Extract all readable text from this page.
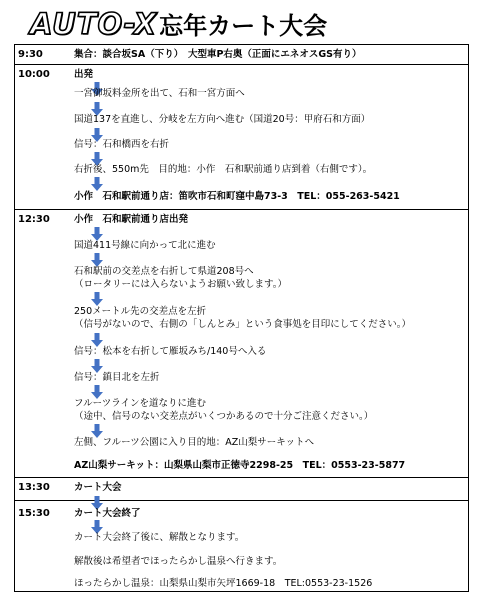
AUTO-X忘年カート大会
9:30	集合：談合坂SA（下り）　大型車P右奥（正面にエネオスGS有り）
10:00	出発
一宮御坂料金所を出て、石和一宮方面へ
国道137を直進し、分岐を左方向へ進む（国道20号：甲府石和方面）
信号：石和橋西を右折
右折後、550m先　目的地：小作　石和駅前通り店到着（右側です）。
小作　石和駅前通り店：笛吹市石和町窪中島73-3　TEL：055-263-5421
12:30	小作　石和駅前通り店出発
国道411号線に向かって北に進む
石和駅前の交差点を右折して県道208号へ
（ロータリーには入らないようお願い致します。）
250メートル先の交差点を左折
（信号がないので、右側の「しんとみ」という食事処を目印にしてください。）
信号：松本を右折して雁坂みち/140号へ入る
信号：鎮目北を左折
フルーツラインを道なりに進む
（途中、信号のない交差点がいくつかあるので十分ご注意ください。）
左側、フルーツ公園に入り目的地：AZ山梨サーキットへ
AZ山梨サーキット：山梨県山梨市正徳寺2298-25　TEL：0553-23-5877
13:30	カート大会
15:30	カート大会終了
カート大会終了後に、解散となります。
解散後は希望者でほったらかし温泉へ行きます。
ほったらかし温泉：山梨県山梨市矢坪1669-18　TEL:0553-23-1526
